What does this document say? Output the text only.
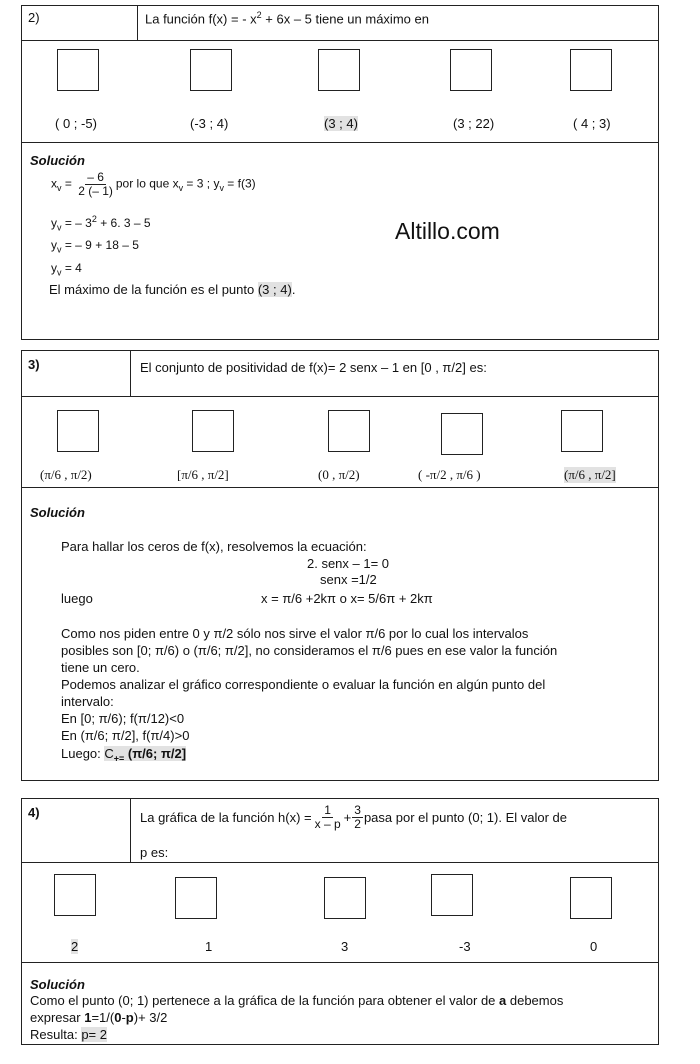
2)	La función f(x) = - $x^2 + 6x - 5$ tiene un máximo en
( 0 ; -5)	(-3 ; 4)	(3 ; 4)	(3 ; 22)	( 4 ; 3)
Solución
$x_v = \frac{- 6}{2 (- 1)}$ por lo que $x_v = 3$ ; $y_v = f(3)$
$y_v$ = – $3^2 + 6$. 3 – 5
$y_v$ = – 9 + 18 – 5
$y_v = 4$
El máximo de la función es el punto (3 ; 4).
Altillo.com
3)	El conjunto de positividad de f(x)= 2 senx – 1 en [0 , π/2] es:
(π/6 , π/2)	[π/6 , π/2]	(0 , π/2)	( -π/2 , π/6 )	(π/6 , π/2]
Solución
Para hallar los ceros de f(x), resolvemos la ecuación:
2. senx – 1= 0
senx =1/2
luego	x = π/6 +2kπ o x= 5/6π + 2kπ
Como nos piden entre 0 y π/2 sólo nos sirve el valor π/6 por lo cual los intervalos
posibles son [0; π/6) o (π/6; π/2], no consideramos el π/6 pues en ese valor la función
tiene un cero.
Podemos analizar el gráfico correspondiente o evaluar la función en algún punto del
intervalo:
En [0; π/6); f(π/12)<0
En (π/6; π/2], f(π/4)>0
Luego: $C_{+=}$ (π/6; π/2]
4)	La gráfica de la función $h(x) = \frac{1}{x - p} + \frac{3}{2}$ pasa por el punto (0; 1). El valor de
p es:
2	1	3	-3	0
Solución
Como el punto (0; 1) pertenece a la gráfica de la función para obtener el valor de a debemos
expresar 1=1/(0-p)+ 3/2
Resulta: p= 2
